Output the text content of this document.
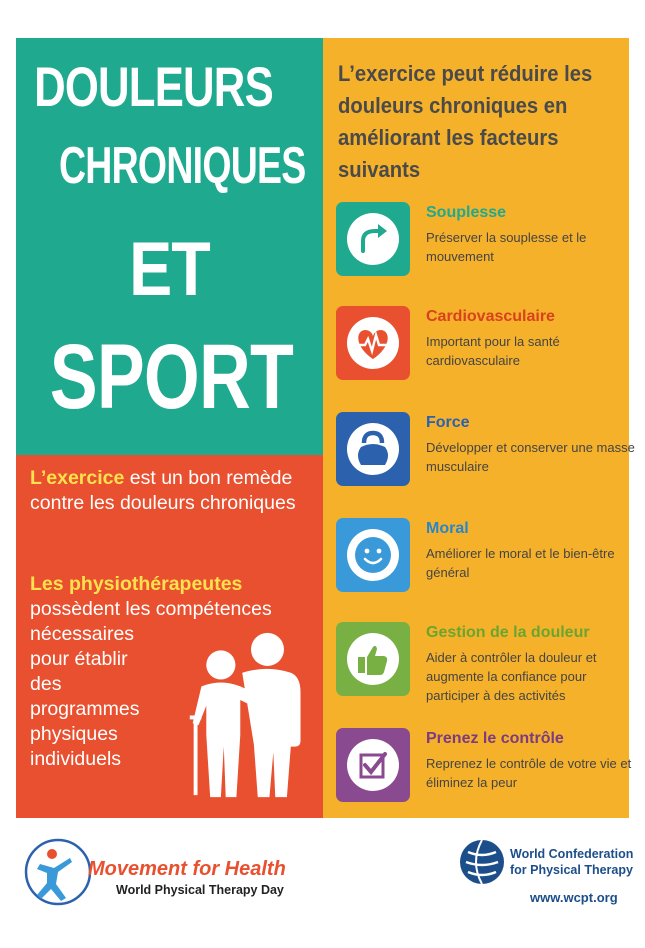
DOULEURS
CHRONIQUES
ET
SPORT
L’exercice est un bon remède contre les douleurs chroniques
Les physiothérapeutes
possèdent les compétences
nécessaires
pour établir
des
programmes
physiques
individuels
L’exercice peut réduire les douleurs chroniques en améliorant les facteurs suivants
Souplesse
Préserver la souplesse et le mouvement
Cardiovasculaire
Important pour la santé cardiovasculaire
Force
Développer et conserver une masse musculaire
Moral
Améliorer le moral et le bien-être général
Gestion de la douleur
Aider à contrôler la douleur et augmente la confiance pour participer à des activités
Prenez le contrôle
Reprenez le contrôle de votre vie et éliminez la peur
Movement for Health
World Physical Therapy Day
World Confederation
for Physical Therapy
www.wcpt.org
